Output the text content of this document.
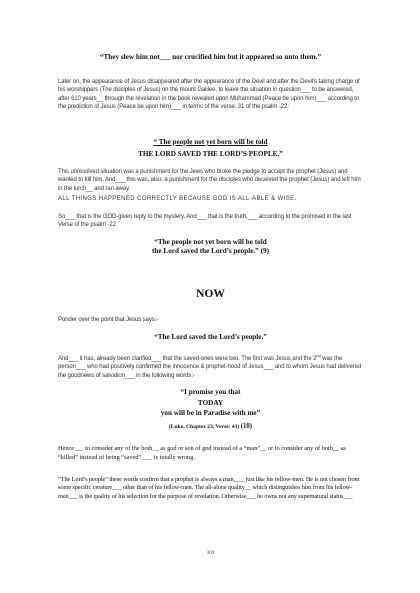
“They slew him not___ nor crucified him but it appeared so unto them.”
Later on, the appearance of Jesus disappeared after the appearance of the Devil and after the Devil’s taking charge of his worshippers (The disciples of Jesus) on the mount Galilee, to leave the situation in question___ to be answered, after 610 years__ through the revelation in the book revealed upon Muhammad (Peace be upon him)___ according to the prediction of Jesus (Peace be upon him)___ in terms of the verse: 31 of the psalm -22:
“ The people not yet born will be told
THE LORD SAVED THE LORD’S PEOPLE.”
This unresolved situation was a punishment for the Jews who broke the pledge to accept the prophet (Jesus) and wanted to kill him. And___ this was, also, a punishment for the disciples who deceived the prophet (Jesus) and left him in the lurch__ and ran away.
ALL THINGS HAPPENED CORRECTLY BECAUSE GOD IS ALL-ABLE & WISE.
So___ that is the GOD-given reply to the mystery. And___ that is the truth,___ according to the promised in the last Verse of the psalm -22.
“The people not yet born will be told
the Lord saved the Lord’s people.” (9)
NOW
Ponder over the point that Jesus says:-
“The Lord saved the Lord’s people.”
And___ it has, already been clarified___ that the saved-ones were two. The first was Jesus and the 2nd was the person___ who had positively confirmed the innocence & prophet-hood of Jesus___ and to whom Jesus had delivered the goodnews of salvation___ in the following words:-
“I promise you that
TODAY
you will be in Paradise with me”
(Luke, Chapter 23, Verse: 43) (10)
Hence___ to consider any of the both__ as god or son of god instead of a “man”__ or to consider any of both__ as “killed” instead of being “saved” ___ is totally wrong.
“The Lord’s people” these words confirm that a prophet is always a man,___ just like his fellow-men. He is not chosen from some specific creature___ other than of his fellow-men. The all-alone quality__ which distinguishes him from his fellow-men___ is the quality of his selection for the purpose of revelation. Otherwise___ he owns not any supernatural status___
369
